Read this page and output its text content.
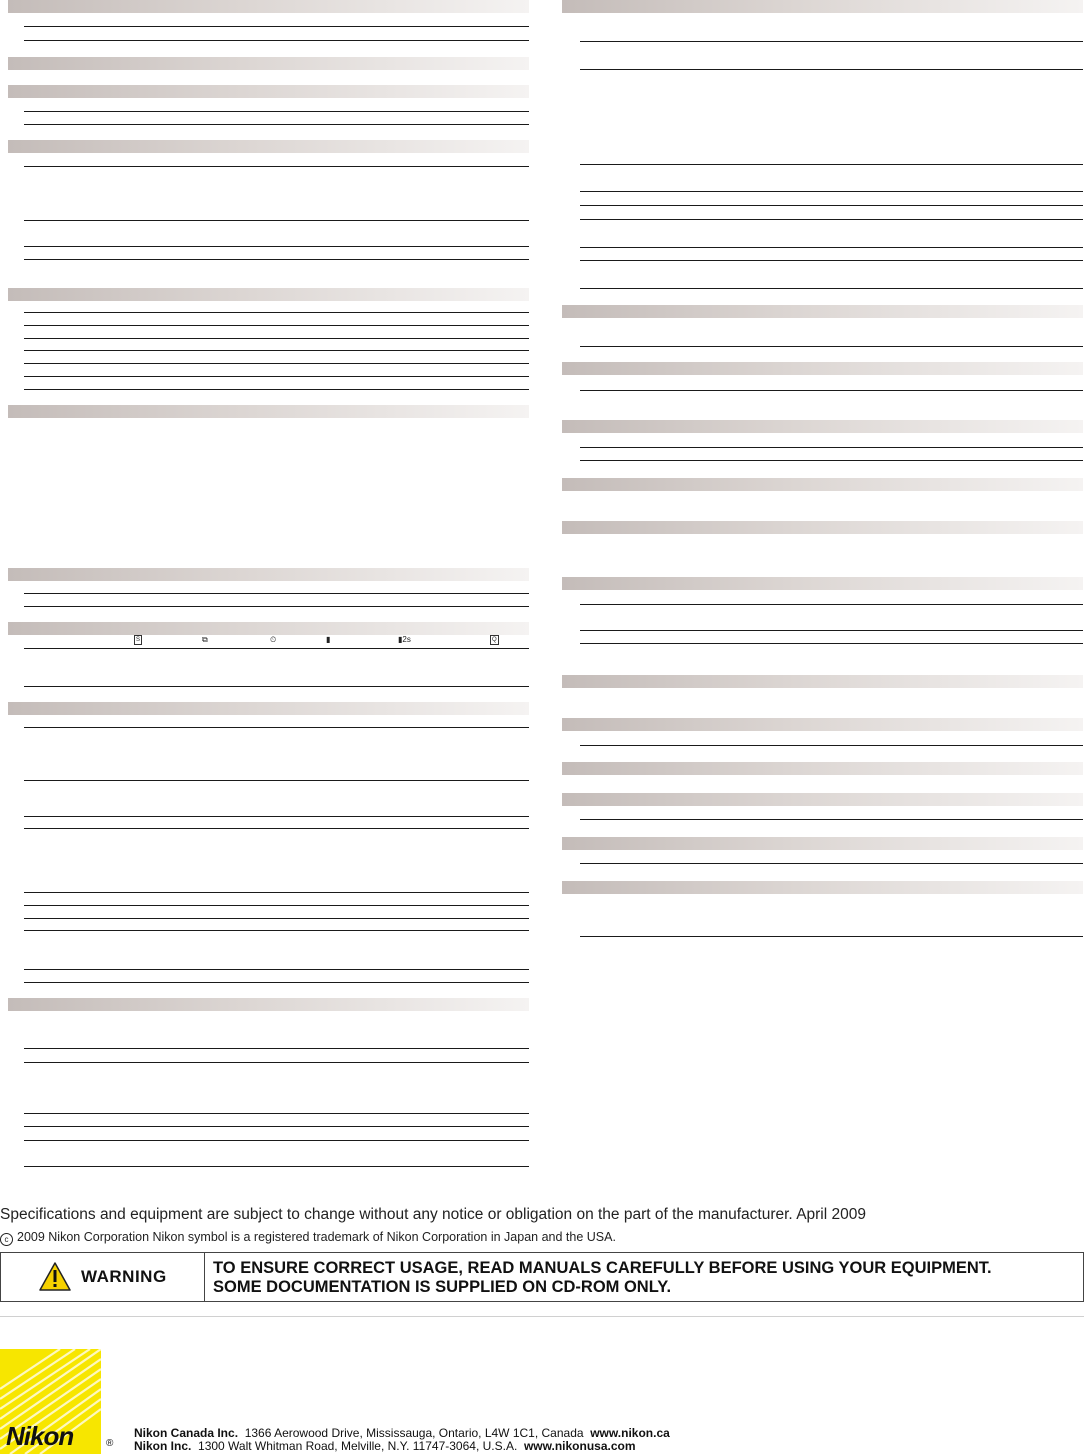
S	⧉	⏲	▮	▮2s	Q
Specifications and equipment are subject to change without any notice or obligation on the part of the manufacturer. April 2009
c 2009 Nikon Corporation Nikon symbol is a registered trademark of Nikon Corporation in Japan and the USA.
WARNING	TO ENSURE CORRECT USAGE, READ MANUALS CAREFULLY BEFORE USING YOUR EQUIPMENT.
SOME DOCUMENTATION IS SUPPLIED ON CD-ROM ONLY.
Nikon	®
Nikon Canada Inc. 1366 Aerowood Drive, Mississauga, Ontario, L4W 1C1, Canada www.nikon.ca
Nikon Inc. 1300 Walt Whitman Road, Melville, N.Y. 11747-3064, U.S.A. www.nikonusa.com
